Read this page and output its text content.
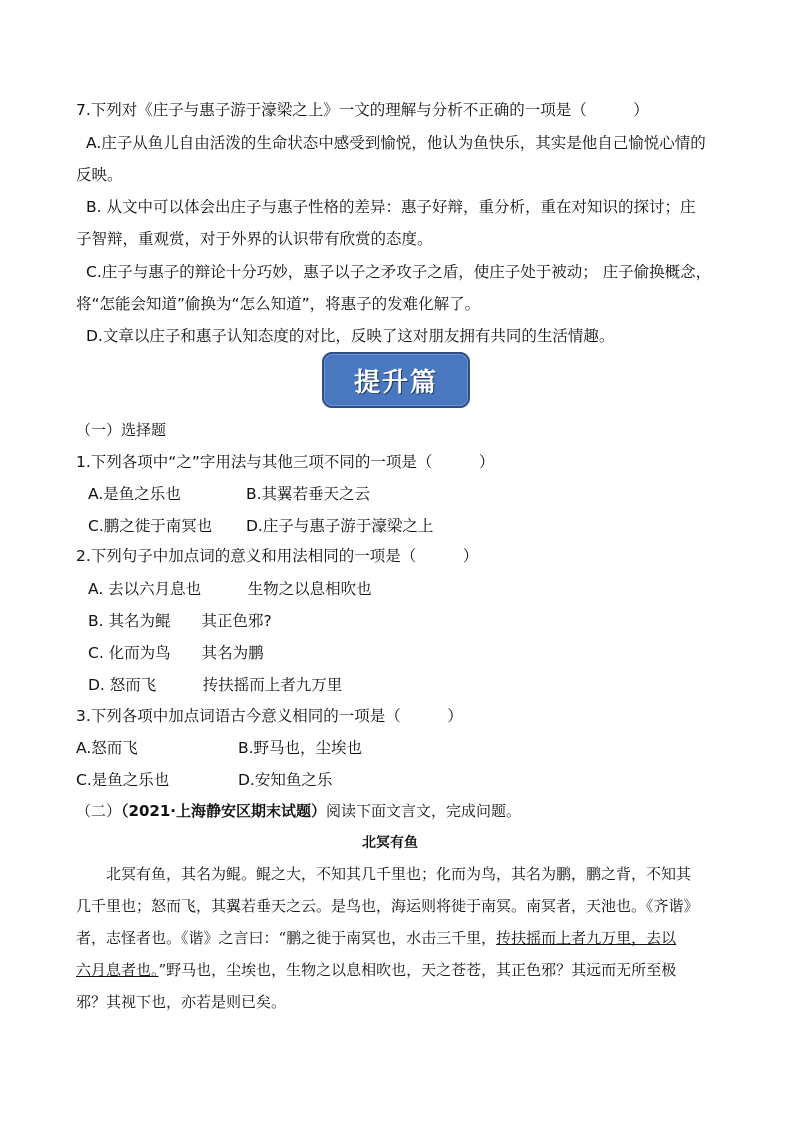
7.下列对《庄子与惠子游于濠梁之上》一文的理解与分析不正确的一项是（　　　）
A.庄子从鱼儿自由活泼的生命状态中感受到愉悦，他认为鱼快乐，其实是他自己愉悦心情的
反映。
B. 从文中可以体会出庄子与惠子性格的差异：惠子好辩，重分析，重在对知识的探讨；庄
子智辩，重观赏，对于外界的认识带有欣赏的态度。
C.庄子与惠子的辩论十分巧妙，惠子以子之矛攻子之盾，使庄子处于被动； 庄子偷换概念，
将“怎能会知道”偷换为“怎么知道”，将惠子的发难化解了。
D.文章以庄子和惠子认知态度的对比，反映了这对朋友拥有共同的生活情趣。
提升篇
（一）选择题
1.下列各项中“之”字用法与其他三项不同的一项是（　　　）
A.是鱼之乐也	B.其翼若垂天之云
C.鹏之徙于南冥也 D.庄子与惠子游于濠梁之上
2.下列句子中加点词的意义和用法相同的一项是（　　　）
A. 去以六月息也　　　生物之以息相吹也
B. 其名为鲲　　其正色邪?
C. 化而为鸟　　其名为鹏
D. 怒而飞　　　抟扶摇而上者九万里
3.下列各项中加点词语古今意义相同的一项是（　　　）
A.怒而飞	B.野马也，尘埃也
C.是鱼之乐也	D.安知鱼之乐
（二）（2021·上海静安区期末试题）阅读下面文言文，完成问题。
北冥有鱼
　　北冥有鱼，其名为鲲。鲲之大，不知其几千里也；化而为鸟，其名为鹏，鹏之背，不知其
几千里也；怒而飞，其翼若垂天之云。是鸟也，海运则将徙于南冥。南冥者，天池也。《齐谐》
者，志怪者也。《谐》之言曰：“鹏之徙于南冥也，水击三千里，抟扶摇而上者九万里，去以
六月息者也。”野马也，尘埃也，生物之以息相吹也，天之苍苍，其正色邪？其远而无所至极
邪？其视下也，亦若是则已矣。
